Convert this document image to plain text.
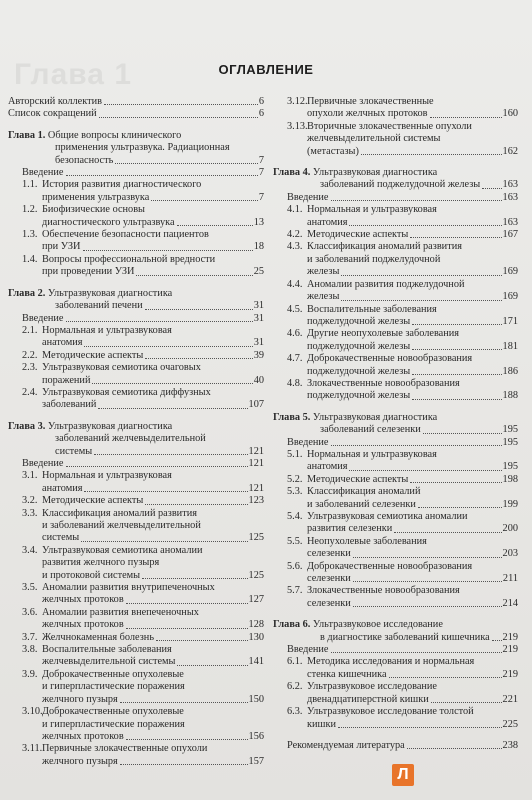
Глава 1	ОГЛАВЛЕНИЕ
Авторский коллектив	6
Список сокращений	6
Глава 1. Общие вопросы клинического
применения ультразвука. Радиационная
безопасность	7
Введение	7
1.1. История развития диагностического
применения ультразвука	7
1.2. Биофизические основы
диагностического ультразвука	13
1.3. Обеспечение безопасности пациентов
при УЗИ	18
1.4. Вопросы профессиональной вредности
при проведении УЗИ	25
Глава 2. Ультразвуковая диагностика
заболеваний печени	31
Введение	31
2.1. Нормальная и ультразвуковая
анатомия	31
2.2. Методические аспекты	39
2.3. Ультразвуковая семиотика очаговых
поражений	40
2.4. Ультразвуковая семиотика диффузных
заболеваний	107
Глава 3. Ультразвуковая диагностика
заболеваний желчевыделительной
системы	121
Введение	121
3.1. Нормальная и ультразвуковая
анатомия	121
3.2. Методические аспекты	123
3.3. Классификация аномалий развития
и заболеваний желчевыделительной
системы	125
3.4. Ультразвуковая семиотика аномалии
развития желчного пузыря
и протоковой системы	125
3.5. Аномалии развития внутрипеченочных
желчных протоков	127
3.6. Аномалии развития внепеченочных
желчных протоков	128
3.7. Желчнокаменная болезнь	130
3.8. Воспалительные заболевания
желчевыделительной системы	141
3.9. Доброкачественные опухолевые
и гиперпластические поражения
желчного пузыря	150
3.10.Доброкачественные опухолевые
и гиперпластические поражения
желчных протоков	156
3.11.Первичные злокачественные опухоли
желчного пузыря	157
3.12.Первичные злокачественные
опухоли желчных протоков	160
3.13.Вторичные злокачественные опухоли
желчевыделительной системы
(метастазы)	162
Глава 4. Ультразвуковая диагностика
заболеваний поджелудочной железы 163
Введение	163
4.1. Нормальная и ультразвуковая
анатомия	163
4.2. Методические аспекты	167
4.3. Классификация аномалий развития
и заболеваний поджелудочной
железы	169
4.4. Аномалии развития поджелудочной
железы	169
4.5. Воспалительные заболевания
поджелудочной железы	171
4.6. Другие неопухолевые заболевания
поджелудочной железы	181
4.7. Доброкачественные новообразования
поджелудочной железы	186
4.8. Злокачественные новообразования
поджелудочной железы	188
Глава 5. Ультразвуковая диагностика
заболеваний селезенки	195
Введение	195
5.1. Нормальная и ультразвуковая
анатомия	195
5.2. Методические аспекты	198
5.3. Классификация аномалий
и заболеваний селезенки	199
5.4. Ультразвуковая семиотика аномалии
развития селезенки	200
5.5. Неопухолевые заболевания
селезенки	203
5.6. Доброкачественные новообразования
селезенки	211
5.7. Злокачественные новообразования
селезенки	214
Глава 6. Ультразвуковое исследование
в диагностике заболеваний кишечника 219
Введение	219
6.1. Методика исследования и нормальная
стенка кишечника	219
6.2. Ультразвуковое исследование
двенадцатиперстной кишки	221
6.3. Ультразвуковое исследование толстой
кишки	225
Рекомендуемая литература	238
Л
